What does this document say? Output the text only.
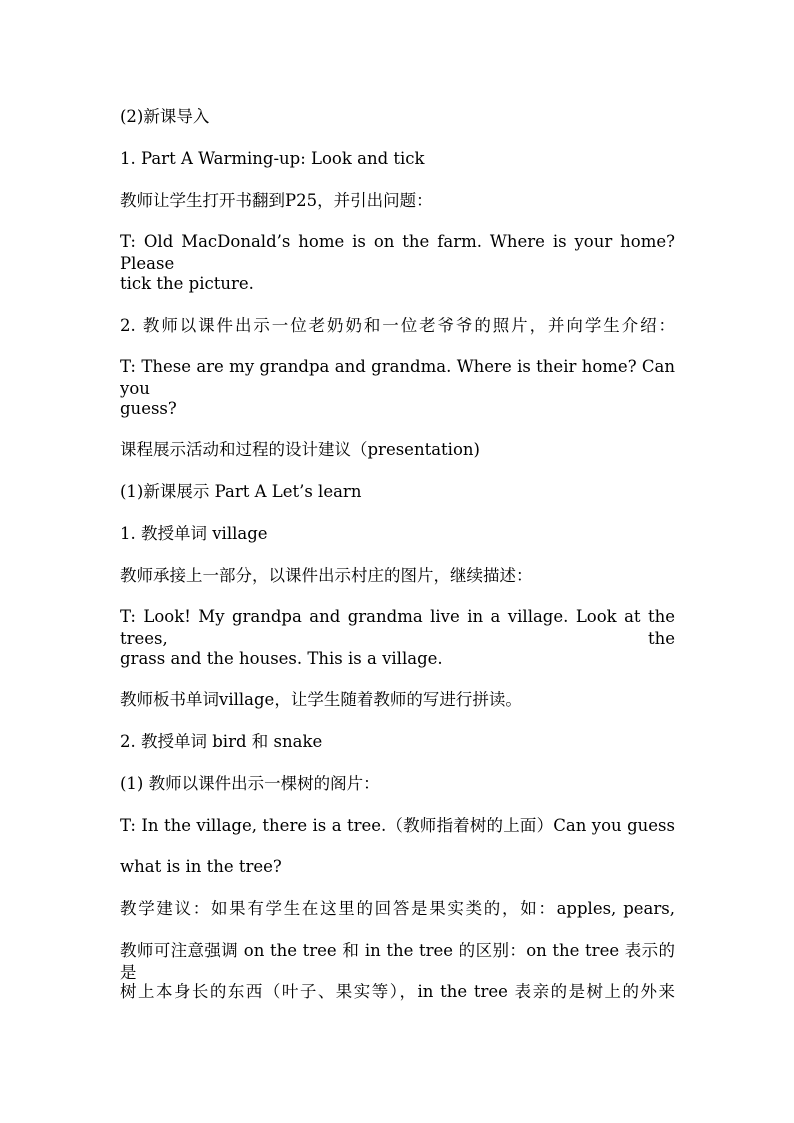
(2)新课导入
1. Part A Warming-up: Look and tick
教师让学生打开书翻到P25，并引出问题：
T: Old MacDonald’s home is on the farm. Where is your home? Please
tick the picture.
2. 教师以课件出示一位老奶奶和一位老爷爷的照片，并向学生介绍：
T: These are my grandpa and grandma. Where is their home? Can you
guess?
课程展示活动和过程的设计建议（presentation)
(1)新课展示 Part A Let’s learn
1. 教授单词 village
教师承接上一部分，以课件出示村庄的图片，继续描述：
T: Look! My grandpa and grandma live in a village. Look at the trees, the
grass and the houses. This is a village.
教师板书单词village，让学生随着教师的写进行拼读。
2. 教授单词 bird 和 snake
(1) 教师以课件出示一棵树的阁片：
T: In the village, there is a tree.（教师指着树的上面）Can you guess
what is in the tree?
教学建议：如果有学生在这里的回答是果实类的，如：apples, pears,
教师可注意强调 on the tree 和 in the tree 的区别：on the tree 表示的是
树上本身长的东西（叶子、果实等），in the tree 表亲的是树上的外来
